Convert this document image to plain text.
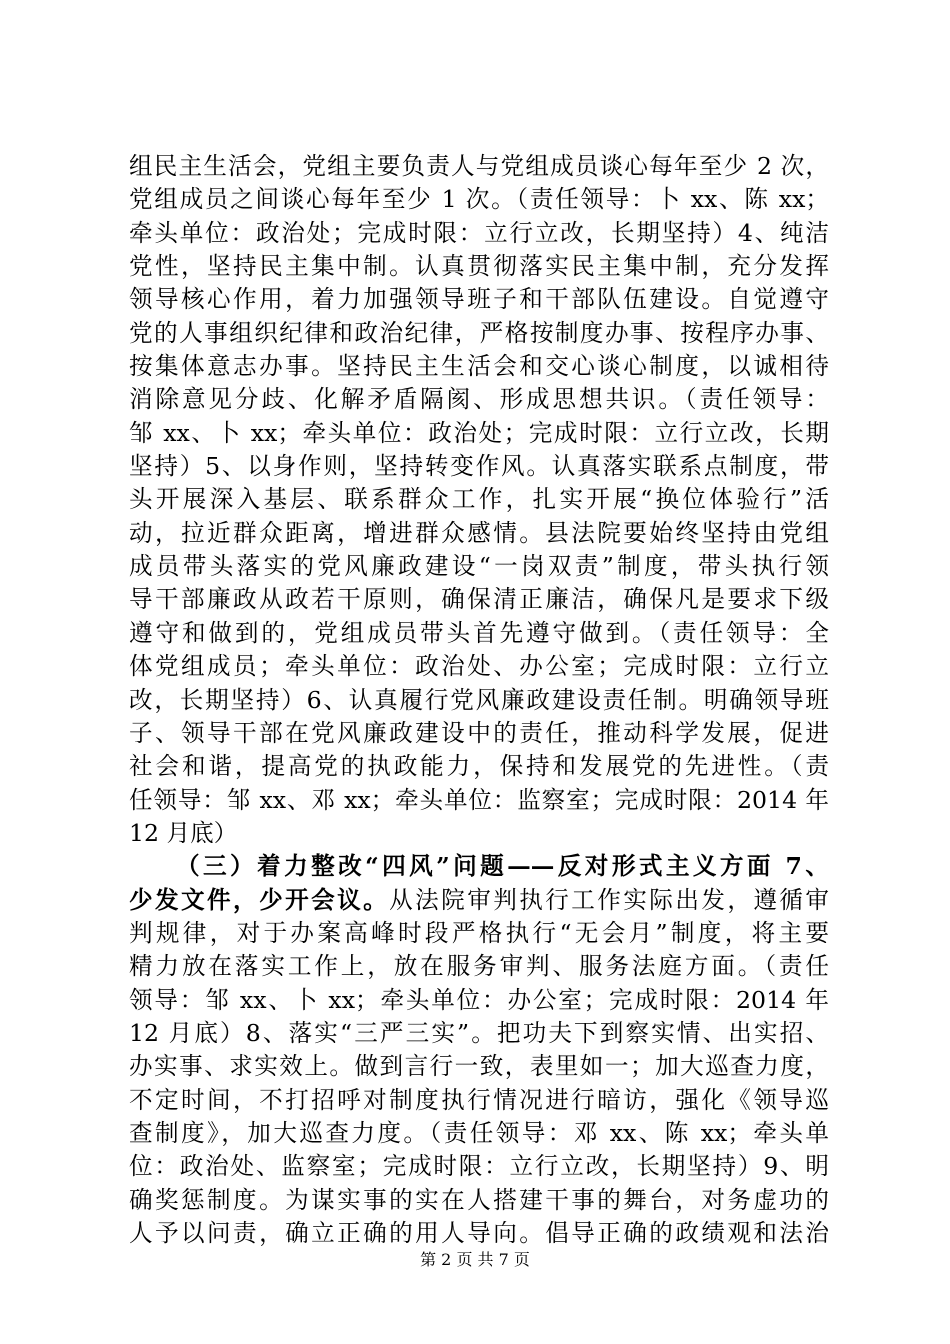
组民主生活会，党组主要负责人与党组成员谈心每年至少 2 次，
党组成员之间谈心每年至少 1 次。（责任领导：卜 xx、陈 xx；
牵头单位：政治处；完成时限：立行立改，长期坚持）4、纯洁
党性，坚持民主集中制。认真贯彻落实民主集中制，充分发挥
领导核心作用，着力加强领导班子和干部队伍建设。自觉遵守
党的人事组织纪律和政治纪律，严格按制度办事、按程序办事、
按集体意志办事。坚持民主生活会和交心谈心制度，以诚相待
消除意见分歧、化解矛盾隔阂、形成思想共识。（责任领导：
邹 xx、卜 xx；牵头单位：政治处；完成时限：立行立改，长期
坚持）5、以身作则，坚持转变作风。认真落实联系点制度，带
头开展深入基层、联系群众工作，扎实开展“换位体验行”活
动，拉近群众距离，增进群众感情。县法院要始终坚持由党组
成员带头落实的党风廉政建设“一岗双责”制度，带头执行领
导干部廉政从政若干原则，确保清正廉洁，确保凡是要求下级
遵守和做到的，党组成员带头首先遵守做到。（责任领导：全
体党组成员；牵头单位：政治处、办公室；完成时限：立行立
改，长期坚持）6、认真履行党风廉政建设责任制。明确领导班
子、领导干部在党风廉政建设中的责任，推动科学发展，促进
社会和谐，提高党的执政能力，保持和发展党的先进性。（责
任领导：邹 xx、邓 xx；牵头单位：监察室；完成时限：2014 年
12 月底）
（三）着力整改“四风”问题——反对形式主义方面 7、
少发文件，少开会议。从法院审判执行工作实际出发，遵循审
判规律，对于办案高峰时段严格执行“无会月”制度，将主要
精力放在落实工作上，放在服务审判、服务法庭方面。（责任
领导：邹 xx、卜 xx；牵头单位：办公室；完成时限：2014 年
12 月底）8、落实“三严三实”。把功夫下到察实情、出实招、
办实事、求实效上。做到言行一致，表里如一；加大巡查力度，
不定时间，不打招呼对制度执行情况进行暗访，强化《领导巡
查制度》，加大巡查力度。（责任领导：邓 xx、陈 xx；牵头单
位：政治处、监察室；完成时限：立行立改，长期坚持）9、明
确奖惩制度。为谋实事的实在人搭建干事的舞台，对务虚功的
人予以问责，确立正确的用人导向。倡导正确的政绩观和法治
第 2 页 共 7 页
